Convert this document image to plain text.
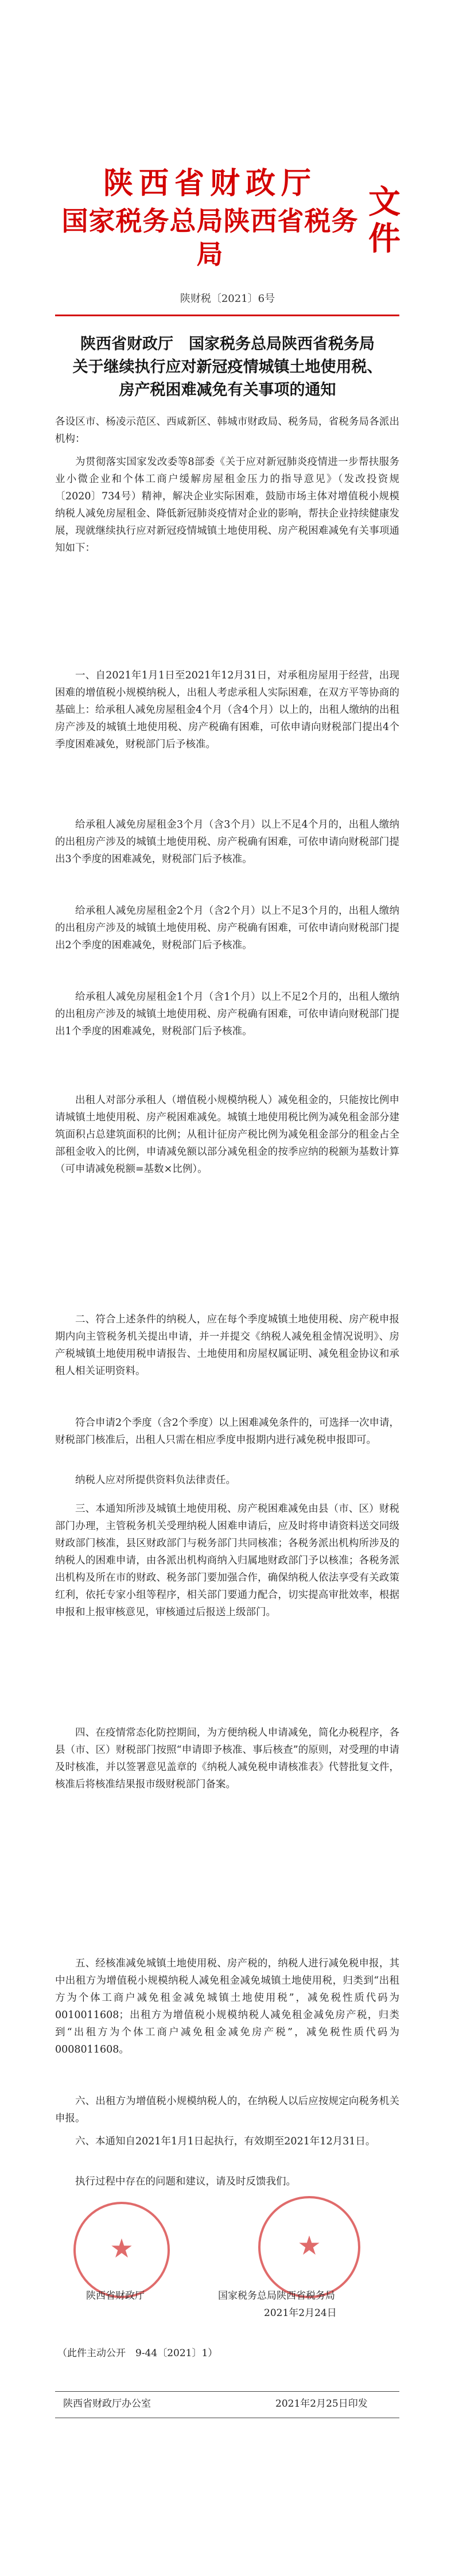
陕西省财政厅
国家税务总局陕西省税务局
文件
陕财税〔2021〕6号
陕西省财政厅　国家税务总局陕西省税务局
关于继续执行应对新冠疫情城镇土地使用税、
房产税困难减免有关事项的通知

各设区市、杨凌示范区、西咸新区、韩城市财政局、税务局，省税务局各派出机构：

为贯彻落实国家发改委等8部委《关于应对新冠肺炎疫情进一步帮扶服务业小微企业和个体工商户缓解房屋租金压力的指导意见》（发改投资规〔2020〕734号）精神，解决企业实际困难，鼓励市场主体对增值税小规模纳税人减免房屋租金、降低新冠肺炎疫情对企业的影响，帮扶企业持续健康发展，现就继续执行应对新冠疫情城镇土地使用税、房产税困难减免有关事项通知如下：

一、自2021年1月1日至2021年12月31日，对承租房屋用于经营，出现困难的增值税小规模纳税人，出租人考虑承租人实际困难，在双方平等协商的基础上：给承租人减免房屋租金4个月（含4个月）以上的，出租人缴纳的出租房产涉及的城镇土地使用税、房产税确有困难，可依申请向财税部门提出4个季度困难减免，财税部门后予核准。

给承租人减免房屋租金3个月（含3个月）以上不足4个月的，出租人缴纳的出租房产涉及的城镇土地使用税、房产税确有困难，可依申请向财税部门提出3个季度的困难减免，财税部门后予核准。

给承租人减免房屋租金2个月（含2个月）以上不足3个月的，出租人缴纳的出租房产涉及的城镇土地使用税、房产税确有困难，可依申请向财税部门提出2个季度的困难减免，财税部门后予核准。

给承租人减免房屋租金1个月（含1个月）以上不足2个月的，出租人缴纳的出租房产涉及的城镇土地使用税、房产税确有困难，可依申请向财税部门提出1个季度的困难减免，财税部门后予核准。

出租人对部分承租人（增值税小规模纳税人）减免租金的，只能按比例申请城镇土地使用税、房产税困难减免。城镇土地使用税比例为减免租金部分建筑面积占总建筑面积的比例；从租计征房产税比例为减免租金部分的租金占全部租金收入的比例，申请减免额以部分减免租金的按季应纳的税额为基数计算（可申请减免税额=基数×比例）。

二、符合上述条件的纳税人，应在每个季度城镇土地使用税、房产税申报期内向主管税务机关提出申请，并一并提交《纳税人减免租金情况说明》、房产税城镇土地使用税申请报告、土地使用和房屋权属证明、减免租金协议和承租人相关证明资料。

符合申请2个季度（含2个季度）以上困难减免条件的，可选择一次申请，财税部门核准后，出租人只需在相应季度申报期内进行减免税申报即可。

纳税人应对所提供资料负法律责任。

三、本通知所涉及城镇土地使用税、房产税困难减免由县（市、区）财税部门办理，主管税务机关受理纳税人困难申请后，应及时将申请资料送交同级财政部门核准，县区财政部门与税务部门共同核准；各税务派出机构所涉及的纳税人的困难申请，由各派出机构商纳入归属地财政部门予以核准；各税务派出机构及所在市的财政、税务部门要加强合作，确保纳税人依法享受有关政策红利，依托专家小组等程序，相关部门要通力配合，切实提高审批效率，根据申报和上报审核意见，审核通过后报送上级部门。

四、在疫情常态化防控期间，为方便纳税人申请减免，简化办税程序，各县（市、区）财税部门按照“申请即予核准、事后核查”的原则，对受理的申请及时核准，并以签署意见盖章的《纳税人减免税申请核准表》代替批复文件，核准后将核准结果报市级财税部门备案。

五、经核准减免城镇土地使用税、房产税的，纳税人进行减免税申报，其中出租方为增值税小规模纳税人减免租金减免城镇土地使用税，归类到“出租方为个体工商户减免租金减免城镇土地使用税”，减免税性质代码为0010011608；出租方为增值税小规模纳税人减免租金减免房产税，归类到“出租方为个体工商户减免租金减免房产税”，减免税性质代码为0008011608。

六、出租方为增值税小规模纳税人的，在纳税人以后应按规定向税务机关申报。

六、本通知自2021年1月1日起执行，有效期至2021年12月31日。

执行过程中存在的问题和建议，请及时反馈我们。

★	★
陕西省财政厅	国家税务总局陕西省税务局
2021年2月24日
（此件主动公开　9-44〔2021〕1）
陕西省财政厅办公室	2021年2月25日印发
